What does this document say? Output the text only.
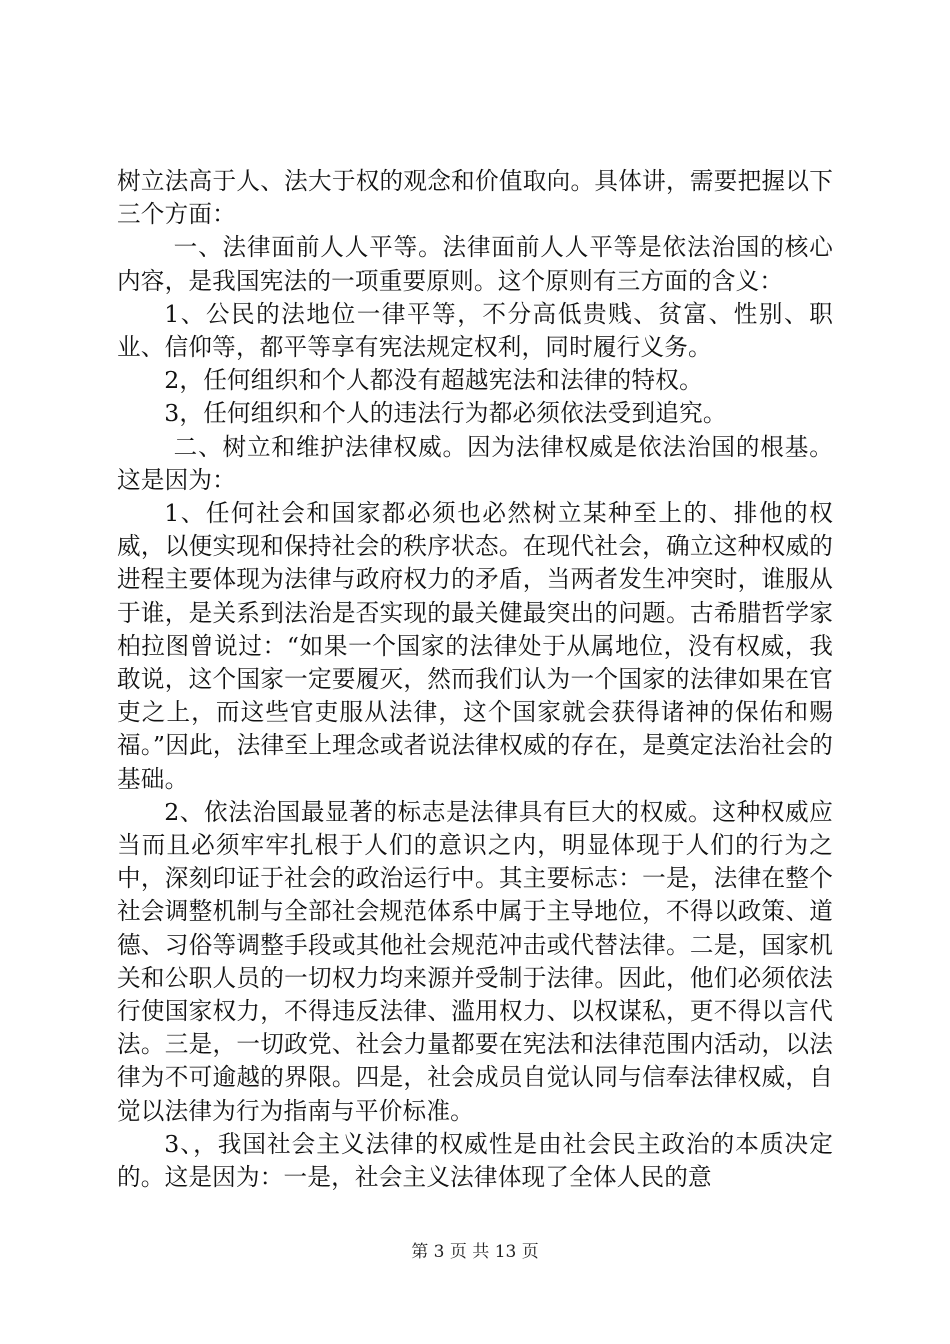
树立法高于人、法大于权的观念和价值取向。具体讲，需要把握以下三个方面：

一、法律面前人人平等。法律面前人人平等是依法治国的核心内容，是我国宪法的一项重要原则。这个原则有三方面的含义：

1、公民的法地位一律平等，不分高低贵贱、贫富、性别、职业、信仰等，都平等享有宪法规定权利，同时履行义务。

2，任何组织和个人都没有超越宪法和法律的特权。

3，任何组织和个人的违法行为都必须依法受到追究。

二、树立和维护法律权威。因为法律权威是依法治国的根基。这是因为：

1、任何社会和国家都必须也必然树立某种至上的、排他的权威，以便实现和保持社会的秩序状态。在现代社会，确立这种权威的进程主要体现为法律与政府权力的矛盾，当两者发生冲突时，谁服从于谁，是关系到法治是否实现的最关健最突出的问题。古希腊哲学家柏拉图曾说过：“如果一个国家的法律处于从属地位，没有权威，我敢说，这个国家一定要履灭，然而我们认为一个国家的法律如果在官吏之上，而这些官吏服从法律，这个国家就会获得诸神的保佑和赐福。”因此，法律至上理念或者说法律权威的存在，是奠定法治社会的基础。

2、依法治国最显著的标志是法律具有巨大的权威。这种权威应当而且必须牢牢扎根于人们的意识之内，明显体现于人们的行为之中，深刻印证于社会的政治运行中。其主要标志：一是，法律在整个社会调整机制与全部社会规范体系中属于主导地位，不得以政策、道德、习俗等调整手段或其他社会规范冲击或代替法律。二是，国家机关和公职人员的一切权力均来源并受制于法律。因此，他们必须依法行使国家权力，不得违反法律、滥用权力、以权谋私，更不得以言代法。三是，一切政党、社会力量都要在宪法和法律范围内活动，以法律为不可逾越的界限。四是，社会成员自觉认同与信奉法律权威，自觉以法律为行为指南与平价标准。

3、，我国社会主义法律的权威性是由社会民主政治的本质决定的。这是因为：一是，社会主义法律体现了全体人民的意

第 3 页 共 13 页
